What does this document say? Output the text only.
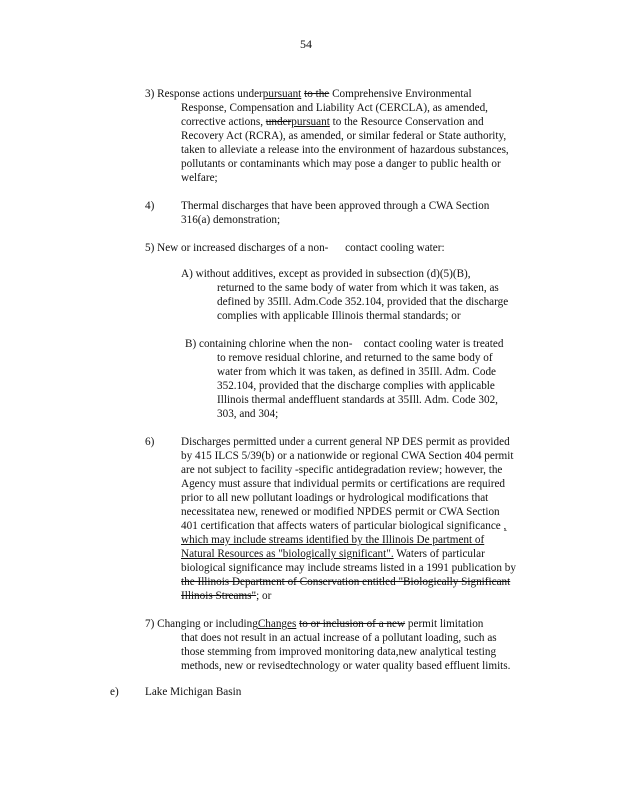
54
3) Response actions underpursuant to the Comprehensive Environmental
Response, Compensation and Liability Act (CERCLA), as amended,
corrective actions, underpursuant to the Resource Conservation and
Recovery Act (RCRA), as amended, or similar federal or State authority,
taken to alleviate a release into the environment of hazardous substances,
pollutants or contaminants which may pose a danger to public health or
welfare;
4) Thermal discharges that have been approved through a CWA Section
316(a) demonstration;
5) New or increased discharges of a non-      contact cooling water:
A) without additives, except as provided in subsection (d)(5)(B),
returned to the same body of water from which it was taken, as
defined by 35Ill. Adm.Code 352.104, provided that the discharge
complies with applicable Illinois thermal standards; or
B) containing chlorine when the non-    contact cooling water is treated
to remove residual chlorine, and returned to the same body of
water from which it was taken, as defined in 35Ill. Adm. Code
352.104, provided that the discharge complies with applicable
Illinois thermal andeffluent standards at 35Ill. Adm. Code 302,
303, and 304;
6) Discharges permitted under a current general NP DES permit as provided
by 415 ILCS 5/39(b) or a nationwide or regional CWA Section 404 permit
are not subject to facility -specific antidegradation review; however, the
Agency must assure that individual permits or certifications are required
prior to all new pollutant loadings or hydrological modifications that
necessitatea new, renewed or modified NPDES permit or CWA Section
401 certification that affects waters of particular biological significance ,
which may include streams identified by the Illinois De partment of
Natural Resources as "biologically significant". Waters of particular
biological significance may include streams listed in a 1991 publication by
the Illinois Department of Conservation entitled "Biologically Significant
Illinois Streams"; or
7) Changing or includingChanges to or inclusion of a new permit limitation
that does not result in an actual increase of a pollutant loading, such as
those stemming from improved monitoring data,new analytical testing
methods, new or revisedtechnology or water quality based effluent limits.
e) Lake Michigan Basin
